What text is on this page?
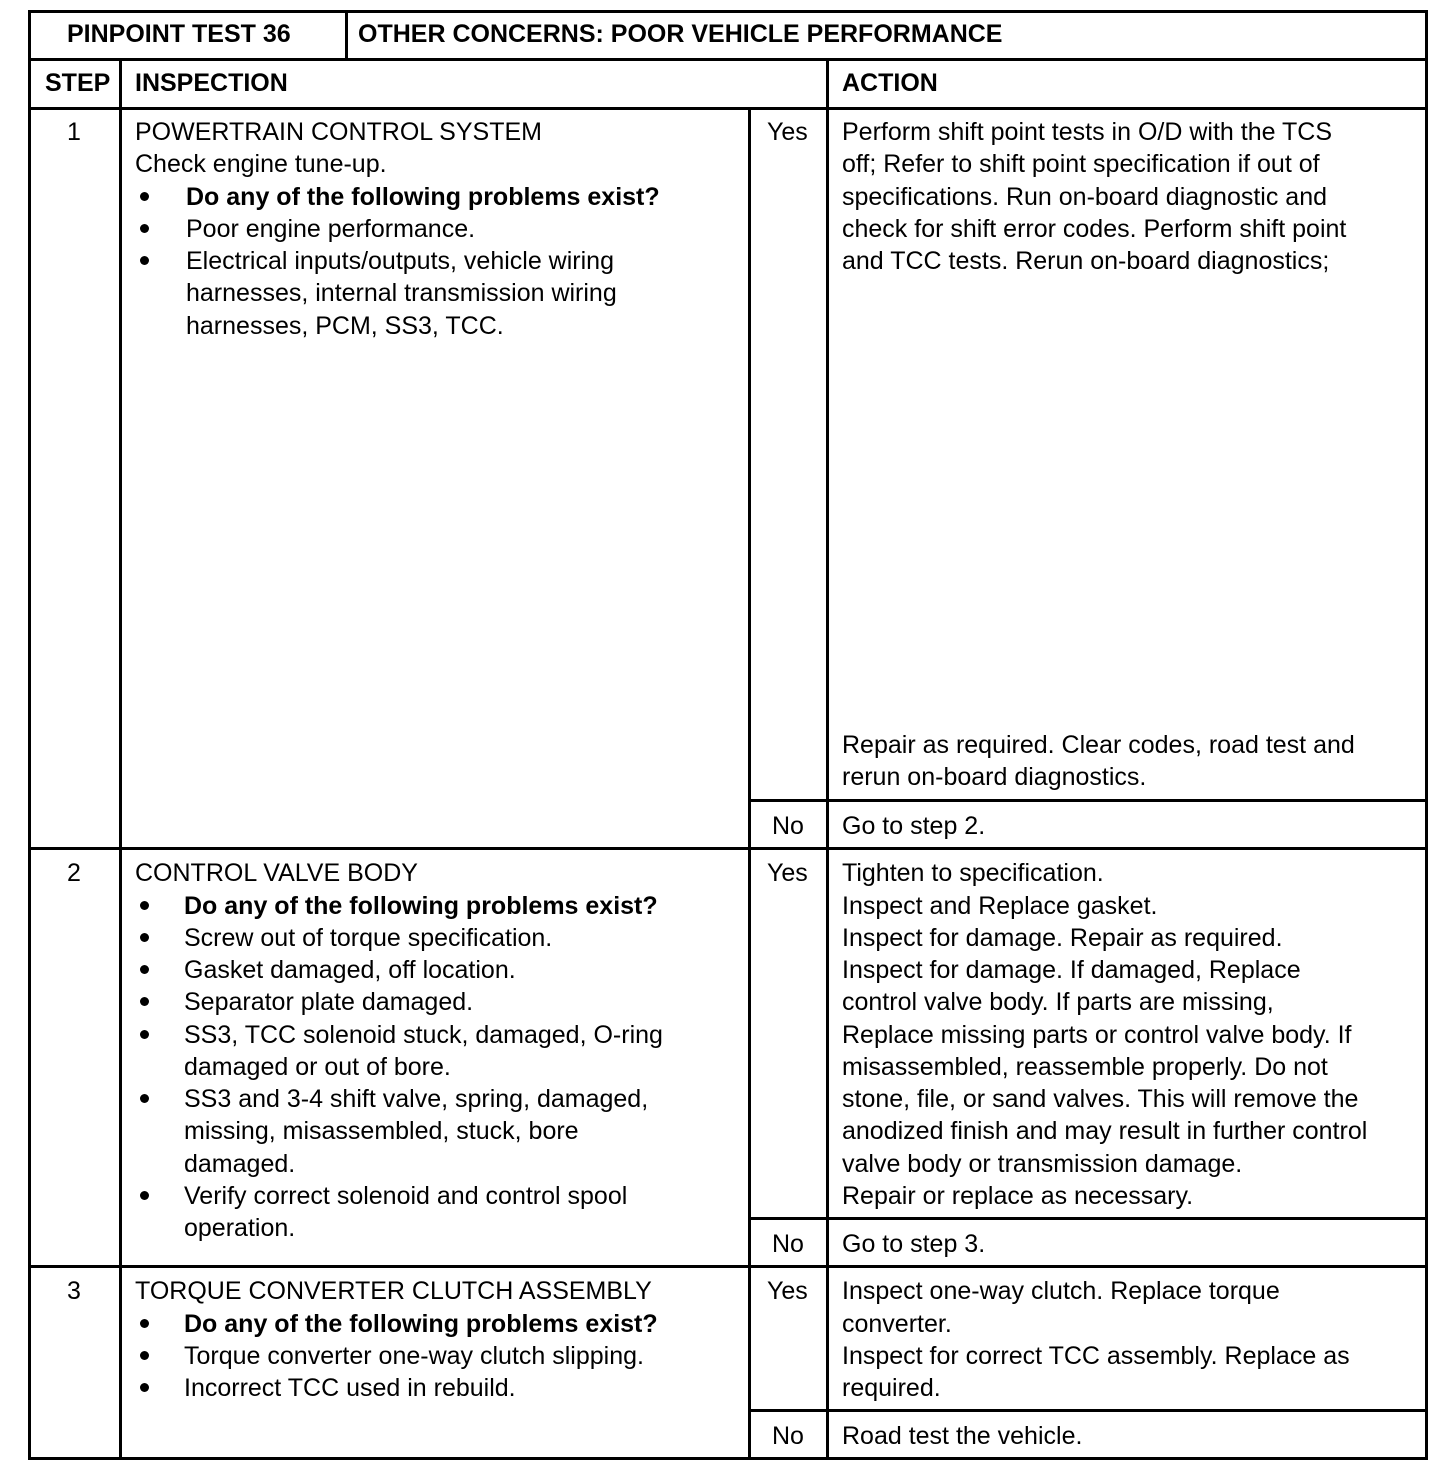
PINPOINT TEST 36	OTHER CONCERNS: POOR VEHICLE PERFORMANCE
STEP INSPECTION	ACTION
1 POWERTRAIN CONTROL SYSTEM
Check engine tune-up.
Do any of the following problems exist?
Poor engine performance.
Electrical inputs/outputs, vehicle wiring
harnesses, internal transmission wiring
harnesses, PCM, SS3, TCC.
Yes Perform shift point tests in O/D with the TCS
off; Refer to shift point specification if out of
specifications. Run on-board diagnostic and
check for shift error codes. Perform shift point
and TCC tests. Rerun on-board diagnostics;
Repair as required. Clear codes, road test and
rerun on-board diagnostics.
No Go to step 2.
2 CONTROL VALVE BODY
Do any of the following problems exist?
Screw out of torque specification.
Gasket damaged, off location.
Separator plate damaged.
SS3, TCC solenoid stuck, damaged, O-ring
damaged or out of bore.
SS3 and 3-4 shift valve, spring, damaged,
missing, misassembled, stuck, bore
damaged.
Verify correct solenoid and control spool
operation.
Yes Tighten to specification.
Inspect and Replace gasket.
Inspect for damage. Repair as required.
Inspect for damage. If damaged, Replace
control valve body. If parts are missing,
Replace missing parts or control valve body. If
misassembled, reassemble properly. Do not
stone, file, or sand valves. This will remove the
anodized finish and may result in further control
valve body or transmission damage.
Repair or replace as necessary.
No Go to step 3.
3 TORQUE CONVERTER CLUTCH ASSEMBLY
Do any of the following problems exist?
Torque converter one-way clutch slipping.
Incorrect TCC used in rebuild.
Yes Inspect one-way clutch. Replace torque
converter.
Inspect for correct TCC assembly. Replace as
required.
No Road test the vehicle.
